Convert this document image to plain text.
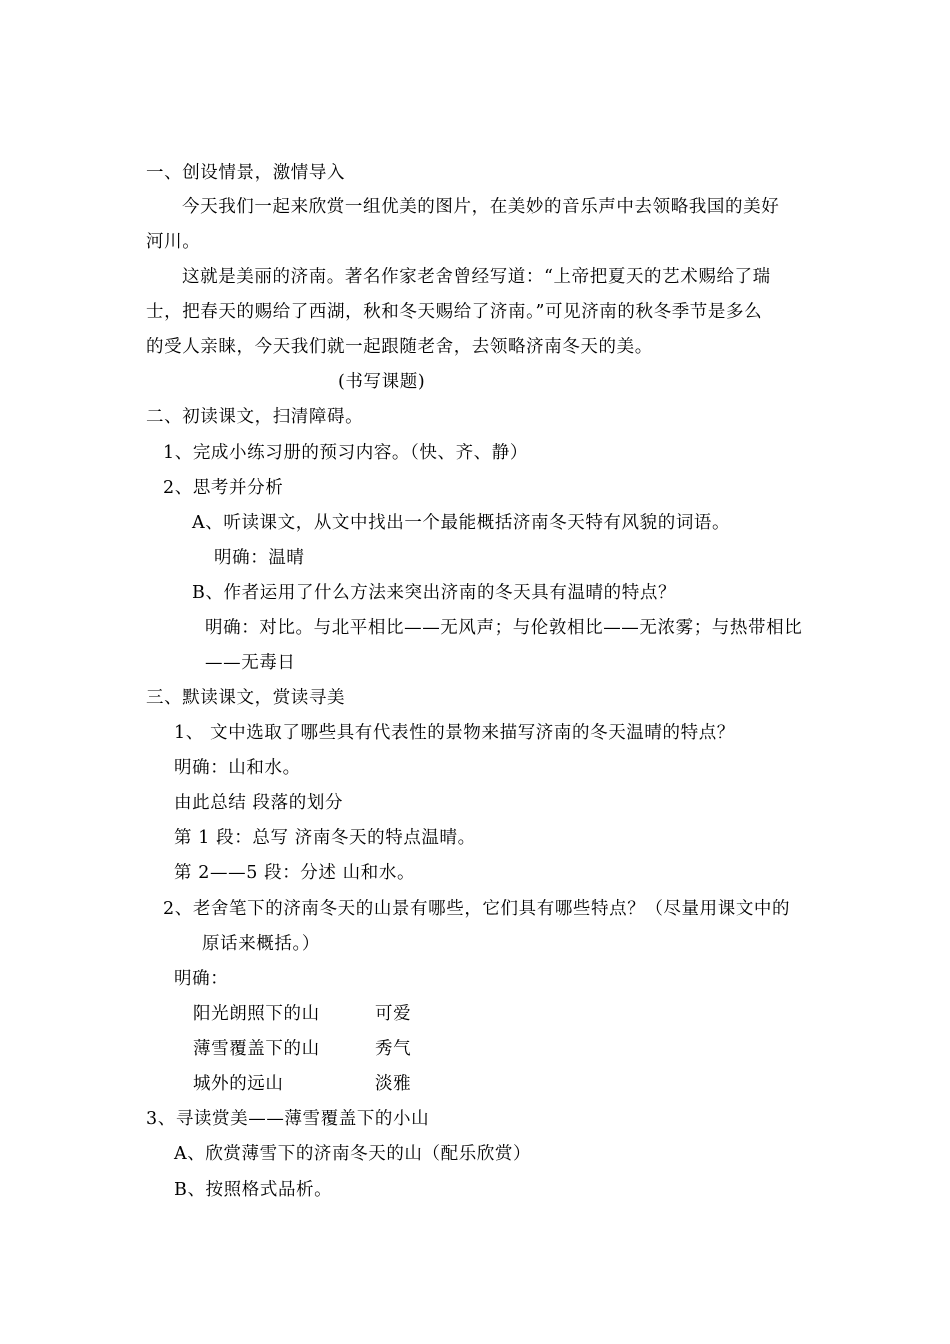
一、创设情景，激情导入
今天我们一起来欣赏一组优美的图片，在美妙的音乐声中去领略我国的美好
河川。
这就是美丽的济南。著名作家老舍曾经写道：“上帝把夏天的艺术赐给了瑞
士，把春天的赐给了西湖，秋和冬天赐给了济南。”可见济南的秋冬季节是多么
的受人亲睐，今天我们就一起跟随老舍，去领略济南冬天的美。
(书写课题)
二、初读课文，扫清障碍。
1、完成小练习册的预习内容。（快、齐、静）
2、思考并分析
A、听读课文，从文中找出一个最能概括济南冬天特有风貌的词语。
明确：温晴
B、作者运用了什么方法来突出济南的冬天具有温晴的特点？
明确：对比。与北平相比——无风声；与伦敦相比——无浓雾；与热带相比
——无毒日
三、默读课文，赏读寻美
1、 文中选取了哪些具有代表性的景物来描写济南的冬天温晴的特点？
明确：山和水。
由此总结 段落的划分
第 1 段：总写 济南冬天的特点温晴。
第 2——5 段：分述 山和水。
2、老舍笔下的济南冬天的山景有哪些，它们具有哪些特点？（尽量用课文中的
原话来概括。）
明确：
阳光朗照下的山	可爱
薄雪覆盖下的山	秀气
城外的远山	淡雅
3、寻读赏美——薄雪覆盖下的小山
A、欣赏薄雪下的济南冬天的山（配乐欣赏）
B、按照格式品析。
